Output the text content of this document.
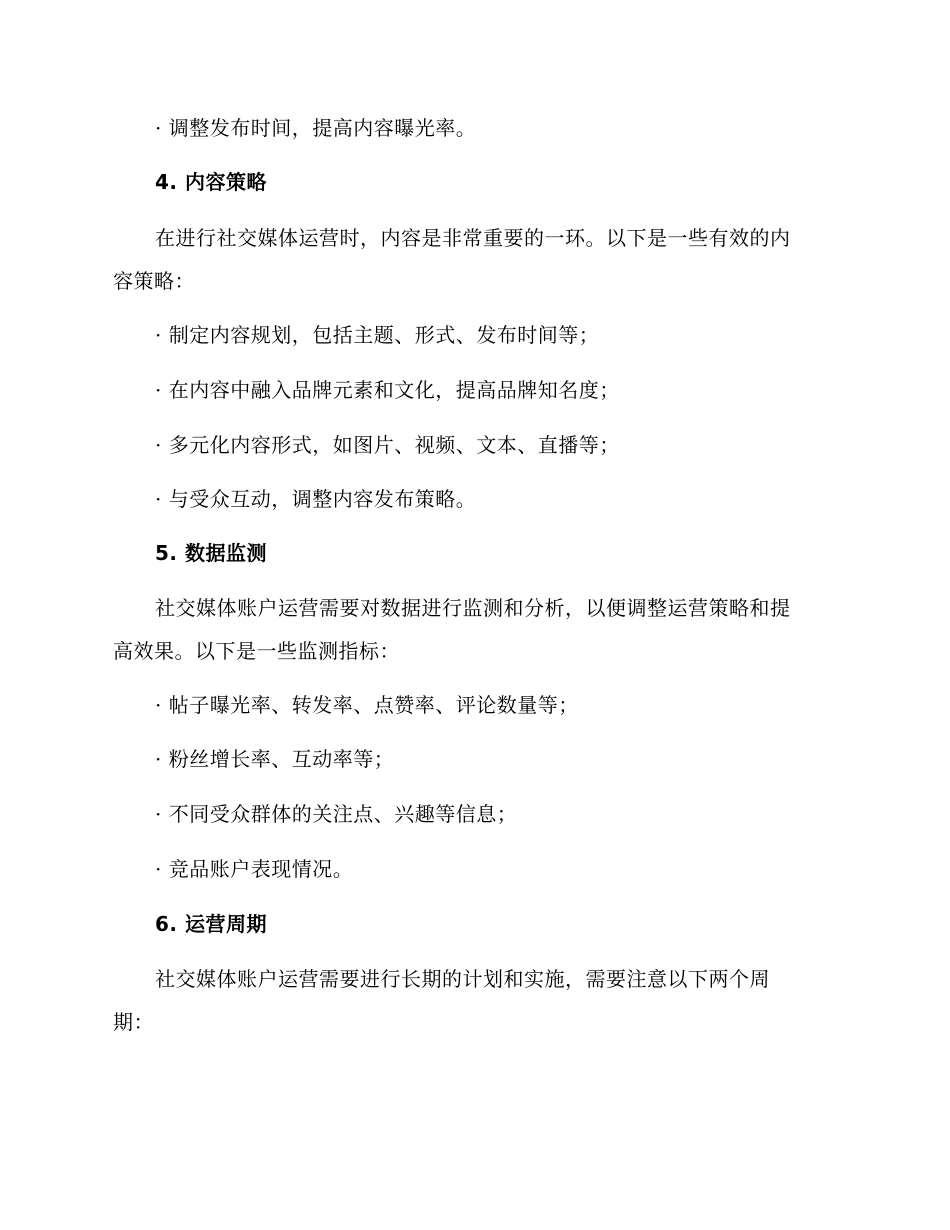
· 调整发布时间，提高内容曝光率。
4. 内容策略
在进行社交媒体运营时，内容是非常重要的一环。以下是一些有效的内
容策略：
· 制定内容规划，包括主题、形式、发布时间等；
· 在内容中融入品牌元素和文化，提高品牌知名度；
· 多元化内容形式，如图片、视频、文本、直播等；
· 与受众互动，调整内容发布策略。
5. 数据监测
社交媒体账户运营需要对数据进行监测和分析，以便调整运营策略和提
高效果。以下是一些监测指标：
· 帖子曝光率、转发率、点赞率、评论数量等；
· 粉丝增长率、互动率等；
· 不同受众群体的关注点、兴趣等信息；
· 竞品账户表现情况。
6. 运营周期
社交媒体账户运营需要进行长期的计划和实施，需要注意以下两个周
期：
